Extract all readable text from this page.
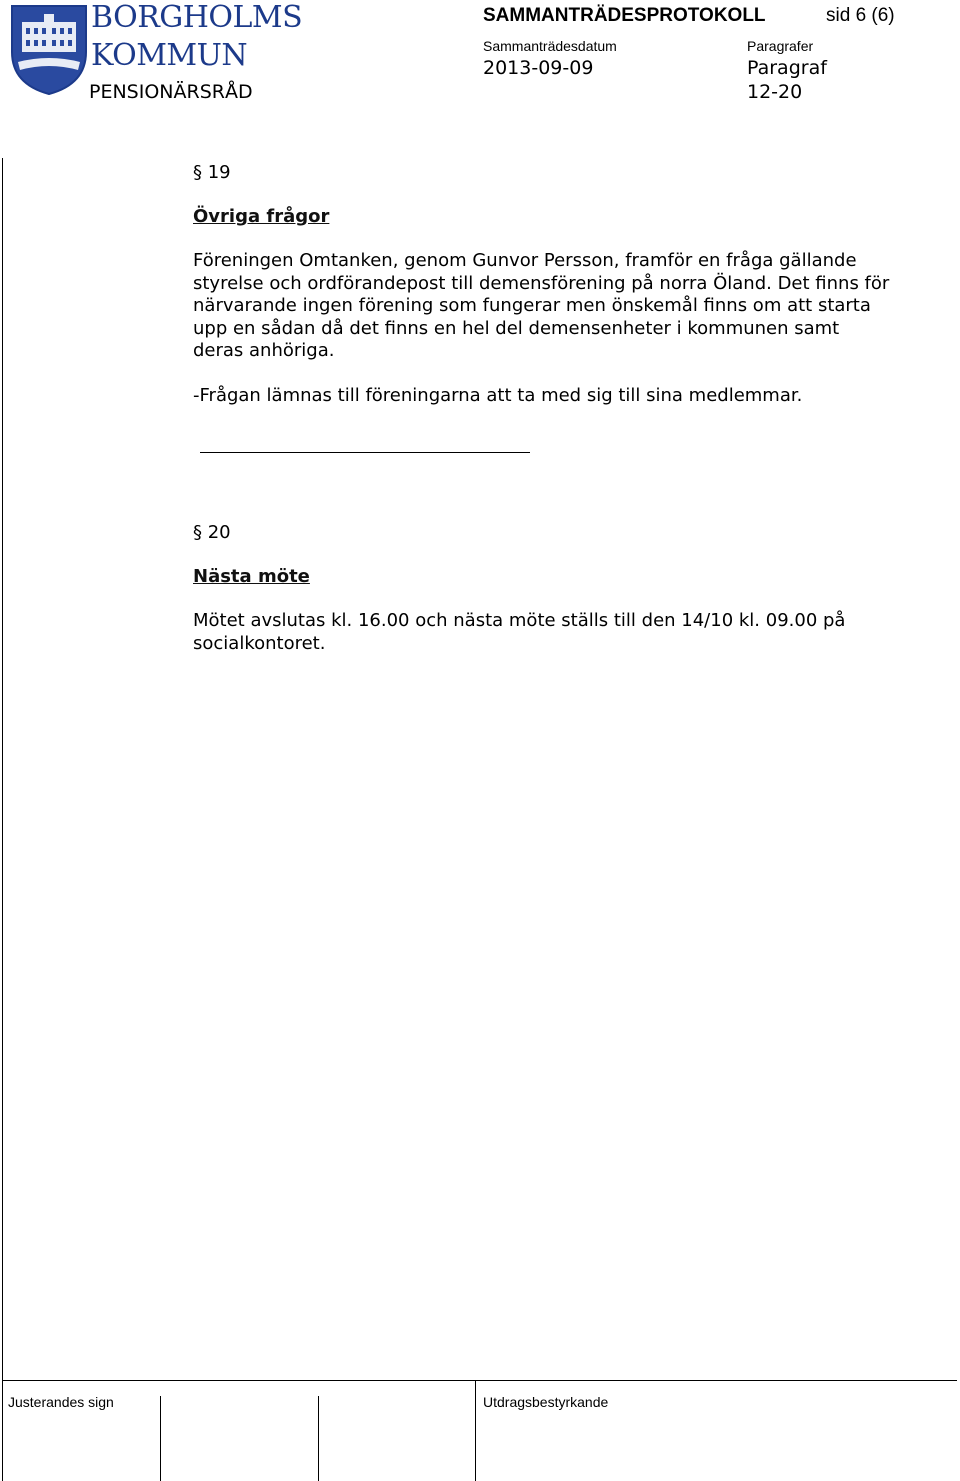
BORGHOLMS
KOMMUN
PENSIONÄRSRÅD
SAMMANTRÄDESPROTOKOLL	sid 6 (6)
Sammanträdesdatum
2013-09-09
Paragrafer
Paragraf
12-20
§ 19
Övriga frågor

Föreningen Omtanken, genom Gunvor Persson, framför en fråga gällande styrelse och ordförandepost till demensförening på norra Öland. Det finns för närvarande ingen förening som fungerar men önskemål finns om att starta upp en sådan då det finns en hel del demensenheter i kommunen samt deras anhöriga.

-Frågan lämnas till föreningarna att ta med sig till sina medlemmar.

§ 20
Nästa möte

Mötet avslutas kl. 16.00 och nästa möte ställs till den 14/10 kl. 09.00 på socialkontoret.

Justerandes sign	Utdragsbestyrkande
